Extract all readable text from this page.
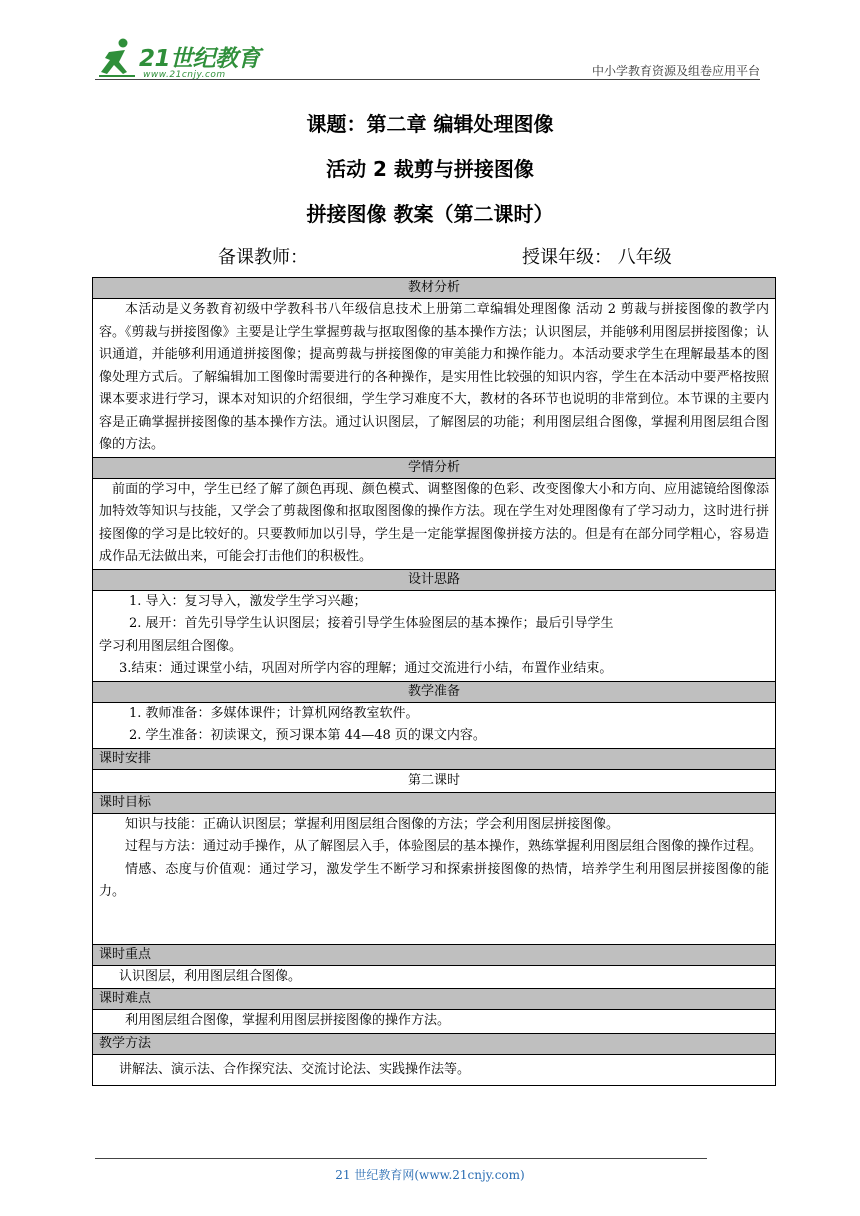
21世纪教育
www.21cnjy.com	中小学教育资源及组卷应用平台
课题：第二章 编辑处理图像
活动 2 裁剪与拼接图像
拼接图像 教案（第二课时）
备课教师：	授课年级： 八年级
教材分析

本活动是义务教育初级中学教科书八年级信息技术上册第二章编辑处理图像 活动 2 剪裁与拼接图像的教学内容。《剪裁与拼接图像》主要是让学生掌握剪裁与抠取图像的基本操作方法；认识图层，并能够利用图层拼接图像；认识通道，并能够利用通道拼接图像；提高剪裁与拼接图像的审美能力和操作能力。本活动要求学生在理解最基本的图像处理方式后。了解编辑加工图像时需要进行的各种操作，是实用性比较强的知识内容，学生在本活动中要严格按照课本要求进行学习，课本对知识的介绍很细，学生学习难度不大，教材的各环节也说明的非常到位。本节课的主要内容是正确掌握拼接图像的基本操作方法。通过认识图层，了解图层的功能；利用图层组合图像，掌握利用图层组合图像的方法。

学情分析

前面的学习中，学生已经了解了颜色再现、颜色模式、调整图像的色彩、改变图像大小和方向、应用滤镜给图像添加特效等知识与技能，又学会了剪裁图像和抠取图图像的操作方法。现在学生对处理图像有了学习动力，这时进行拼接图像的学习是比较好的。只要教师加以引导，学生是一定能掌握图像拼接方法的。但是有在部分同学粗心，容易造成作品无法做出来，可能会打击他们的积极性。

设计思路

1. 导入：复习导入，激发学生学习兴趣；
2. 展开：首先引导学生认识图层；接着引导学生体验图层的基本操作；最后引导学生
学习利用图层组合图像。
3.结束：通过课堂小结，巩固对所学内容的理解；通过交流进行小结，布置作业结束。

教学准备

1. 教师准备：多媒体课件；计算机网络教室软件。
2. 学生准备：初读课文，预习课本第 44—48 页的课文内容。

课时安排
第二课时
课时目标

知识与技能：正确认识图层；掌握利用图层组合图像的方法；学会利用图层拼接图像。
过程与方法：通过动手操作，从了解图层入手，体验图层的基本操作，熟练掌握利用图层组合图像的操作过程。
情感、态度与价值观：通过学习，激发学生不断学习和探索拼接图像的热情，培养学生利用图层拼接图像的能力。

课时重点

认识图层，利用图层组合图像。

课时难点

利用图层组合图像，掌握利用图层拼接图像的操作方法。

教学方法

讲解法、演示法、合作探究法、交流讨论法、实践操作法等。
21 世纪教育网(www.21cnjy.com)
